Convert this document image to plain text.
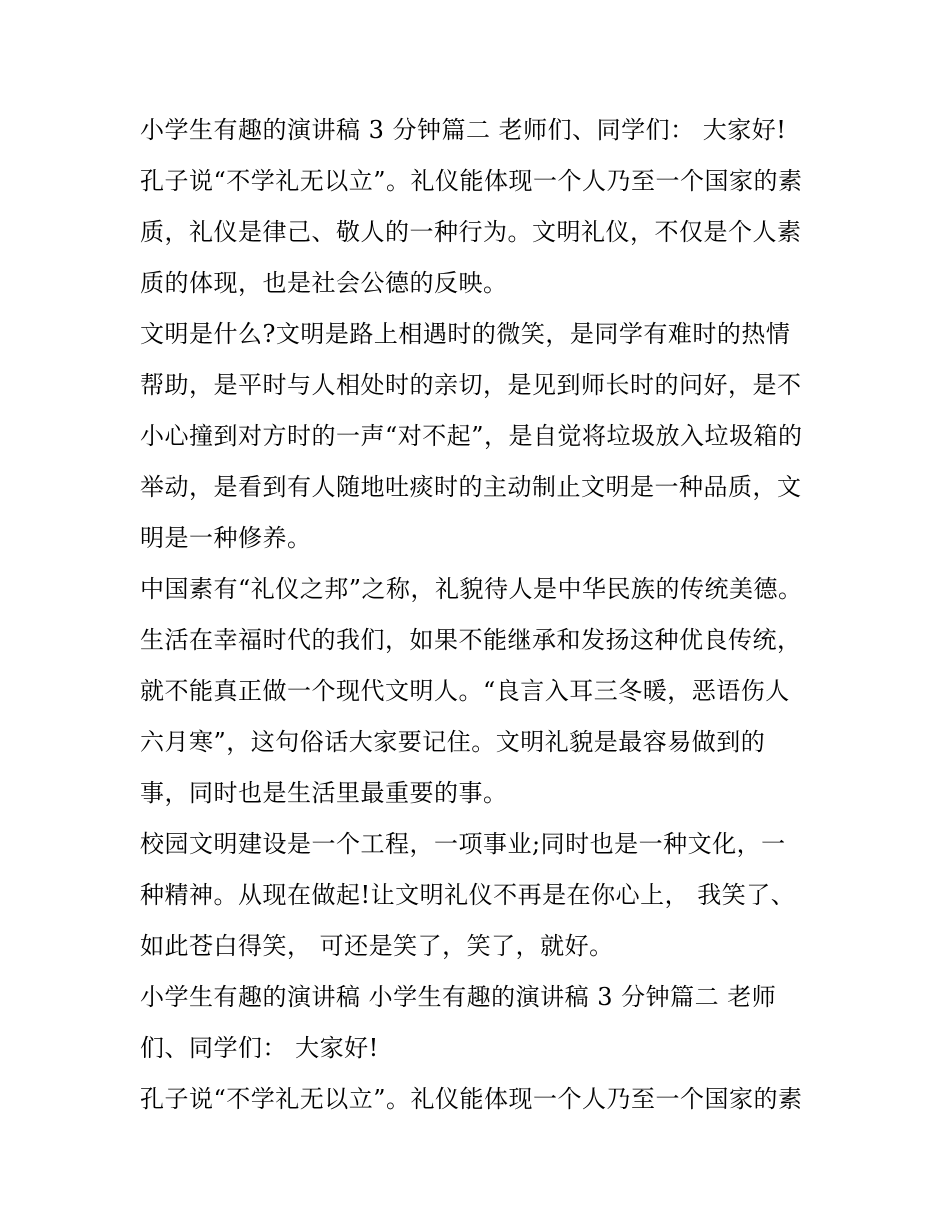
小学生有趣的演讲稿 3 分钟篇二 老师们、同学们： 大家好!
孔子说“不学礼无以立”。礼仪能体现一个人乃至一个国家的素
质，礼仪是律己、敬人的一种行为。文明礼仪，不仅是个人素
质的体现，也是社会公德的反映。
文明是什么?文明是路上相遇时的微笑，是同学有难时的热情
帮助，是平时与人相处时的亲切，是见到师长时的问好，是不
小心撞到对方时的一声“对不起”，是自觉将垃圾放入垃圾箱的
举动，是看到有人随地吐痰时的主动制止文明是一种品质，文
明是一种修养。
中国素有“礼仪之邦”之称，礼貌待人是中华民族的传统美德。
生活在幸福时代的我们，如果不能继承和发扬这种优良传统，
就不能真正做一个现代文明人。“良言入耳三冬暖，恶语伤人
六月寒”，这句俗话大家要记住。文明礼貌是最容易做到的
事，同时也是生活里最重要的事。
校园文明建设是一个工程，一项事业;同时也是一种文化，一
种精神。从现在做起!让文明礼仪不再是在你心上， 我笑了、
如此苍白得笑， 可还是笑了，笑了，就好。
小学生有趣的演讲稿 小学生有趣的演讲稿 3 分钟篇二 老师
们、同学们： 大家好!
孔子说“不学礼无以立”。礼仪能体现一个人乃至一个国家的素
